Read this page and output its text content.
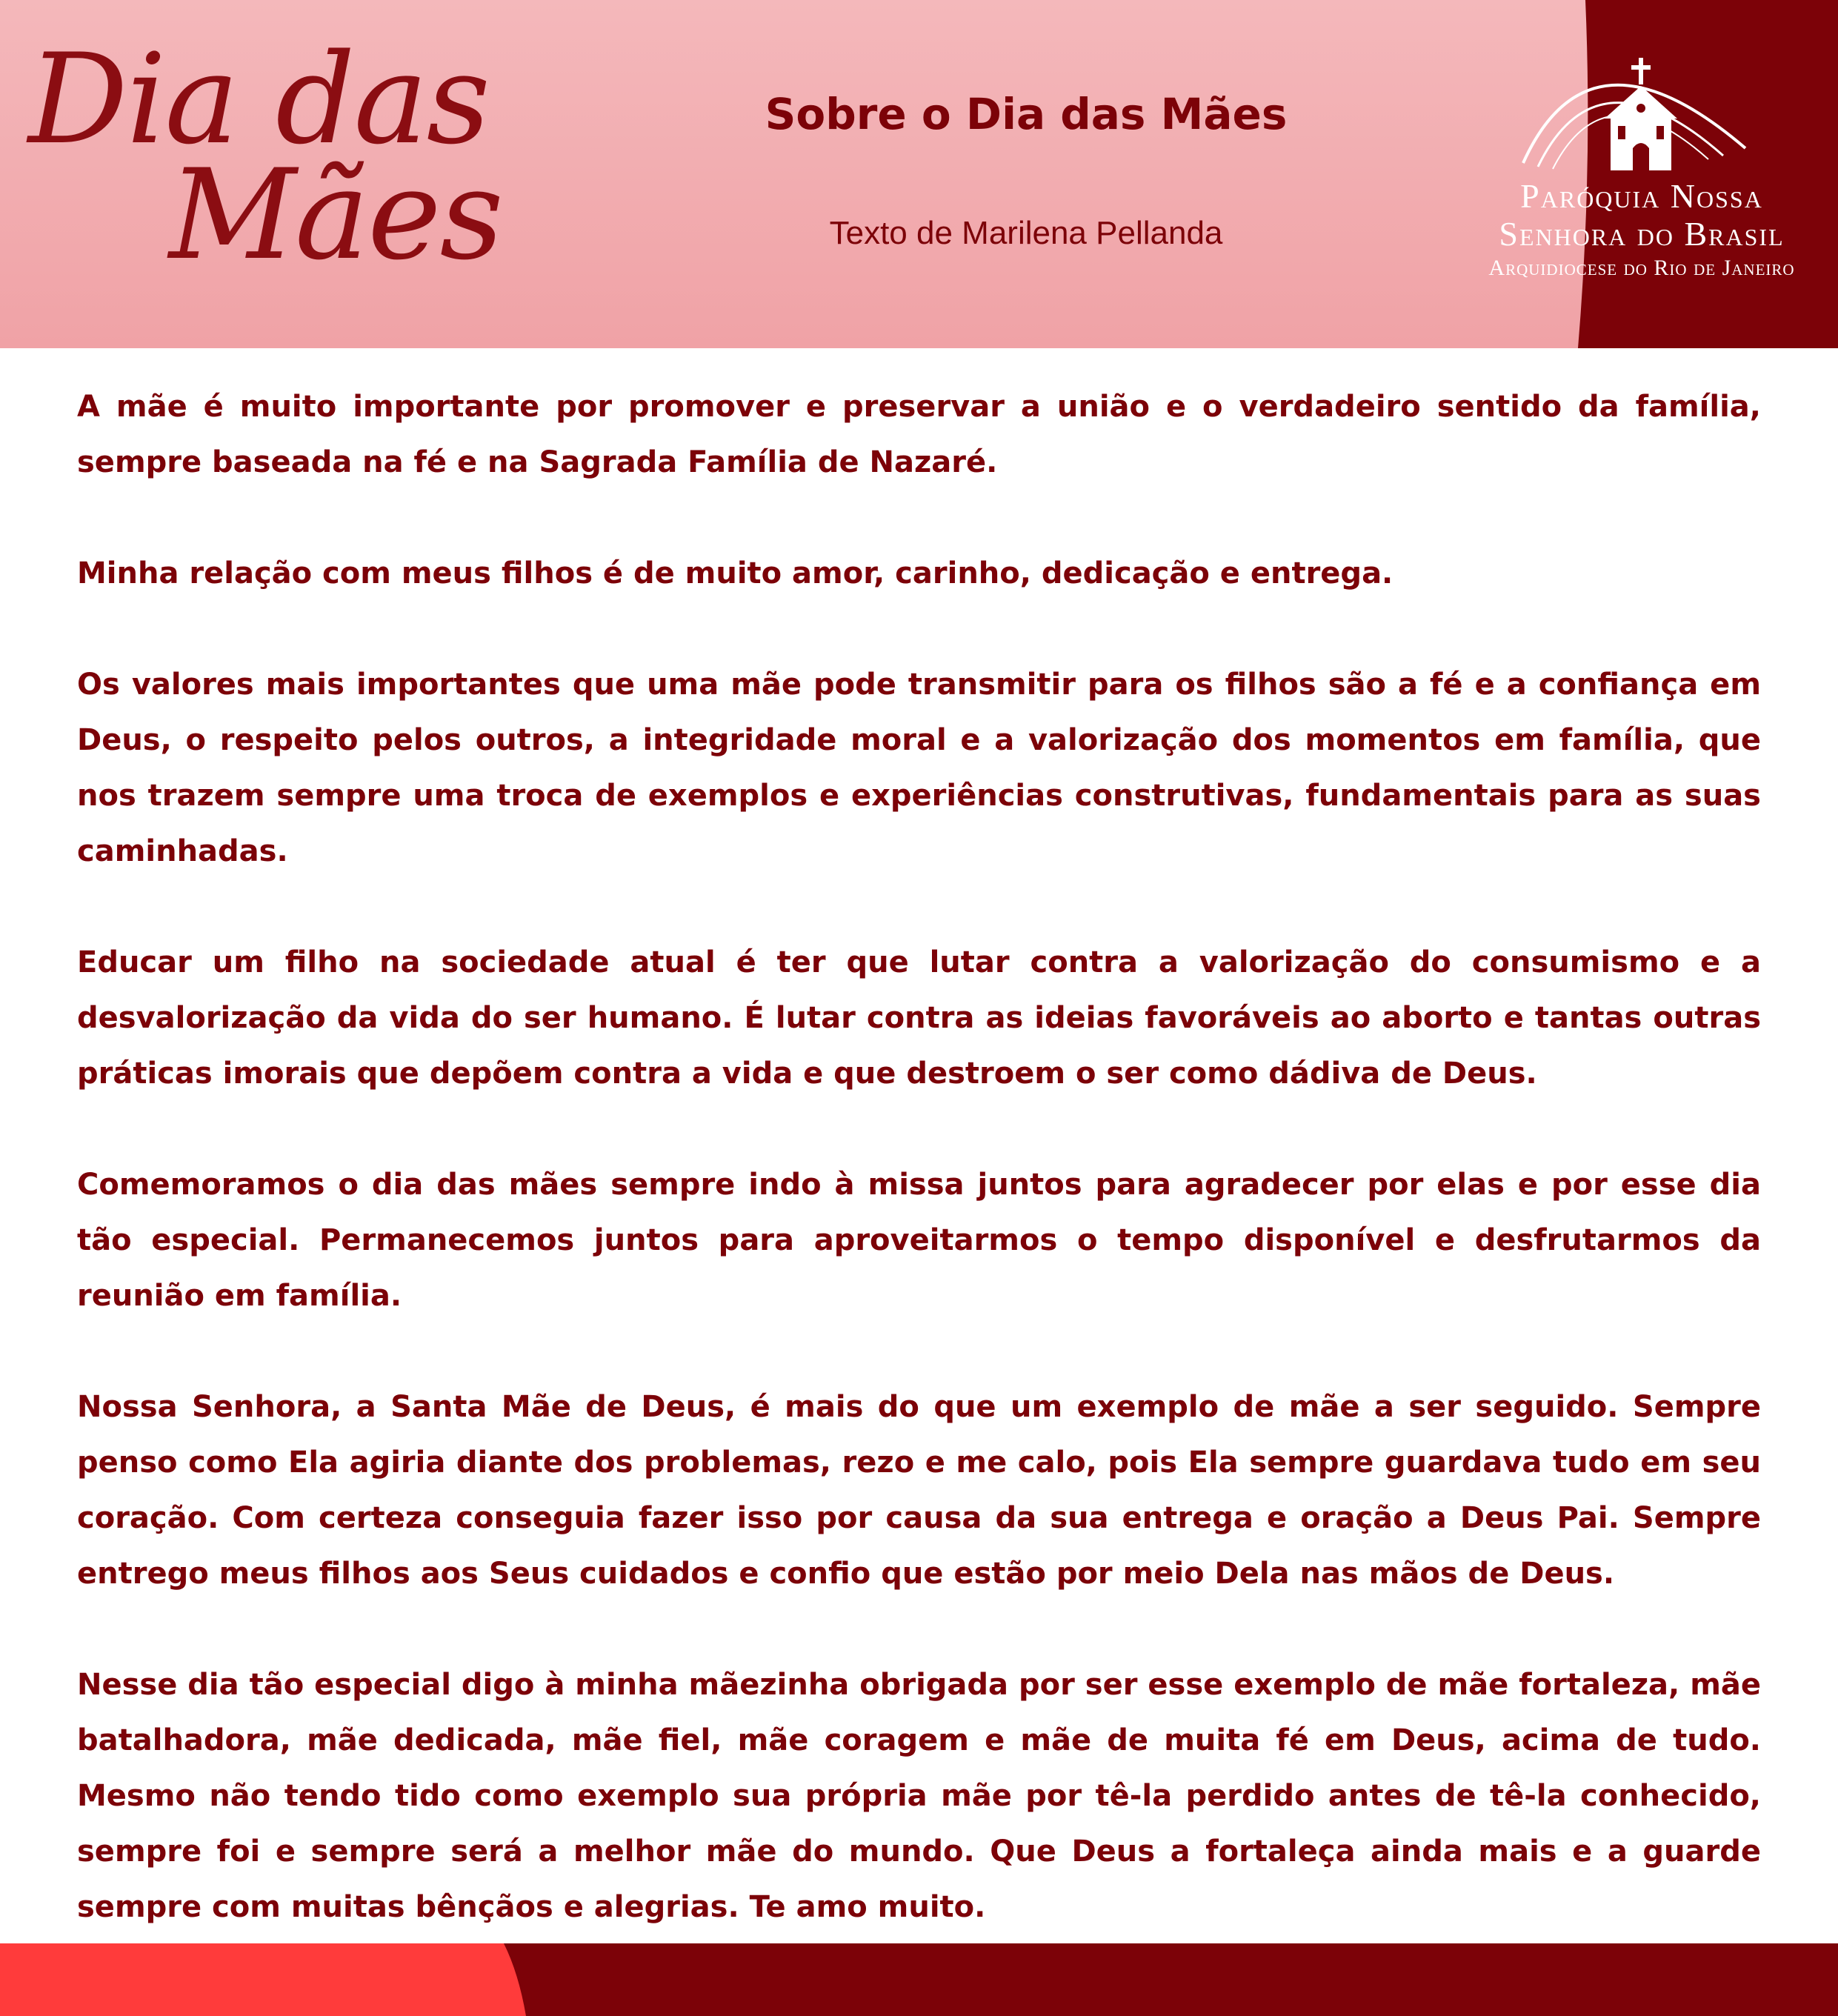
Dia das
Mães
Sobre o Dia das Mães
Texto de Marilena Pellanda
Paróquia Nossa
Senhora do Brasil
Arquidiocese do Rio de Janeiro

A mãe é muito importante por promover e preservar a união e o verdadeiro sentido da família, sempre baseada na fé e na Sagrada Família de Nazaré.

Minha relação com meus filhos é de muito amor, carinho, dedicação e entrega.

Os valores mais importantes que uma mãe pode transmitir para os filhos são a fé e a confiança em Deus, o respeito pelos outros, a integridade moral e a valorização dos momentos em família, que nos trazem sempre uma troca de exemplos e experiências construtivas, fundamentais para as suas caminhadas.

Educar um filho na sociedade atual é ter que lutar contra a valorização do consumismo e a desvalorização da vida do ser humano. É lutar contra as ideias favoráveis ao aborto e tantas outras práticas imorais que depõem contra a vida e que destroem o ser como dádiva de Deus.

Comemoramos o dia das mães sempre indo à missa juntos para agradecer por elas e por esse dia tão especial. Permanecemos juntos para aproveitarmos o tempo disponível e desfrutarmos da reunião em família.

Nossa Senhora, a Santa Mãe de Deus, é mais do que um exemplo de mãe a ser seguido. Sempre penso como Ela agiria diante dos problemas, rezo e me calo, pois Ela sempre guardava tudo em seu coração. Com certeza conseguia fazer isso por causa da sua entrega e oração a Deus Pai. Sempre entrego meus filhos aos Seus cuidados e confio que estão por meio Dela nas mãos de Deus.

Nesse dia tão especial digo à minha mãezinha obrigada por ser esse exemplo de mãe fortaleza, mãe batalhadora, mãe dedicada, mãe fiel, mãe coragem e mãe de muita fé em Deus, acima de tudo. Mesmo não tendo tido como exemplo sua própria mãe por tê-la perdido antes de tê-la conhecido, sempre foi e sempre será a melhor mãe do mundo. Que Deus a fortaleça ainda mais e a guarde sempre com muitas bênçãos e alegrias. Te amo muito.
